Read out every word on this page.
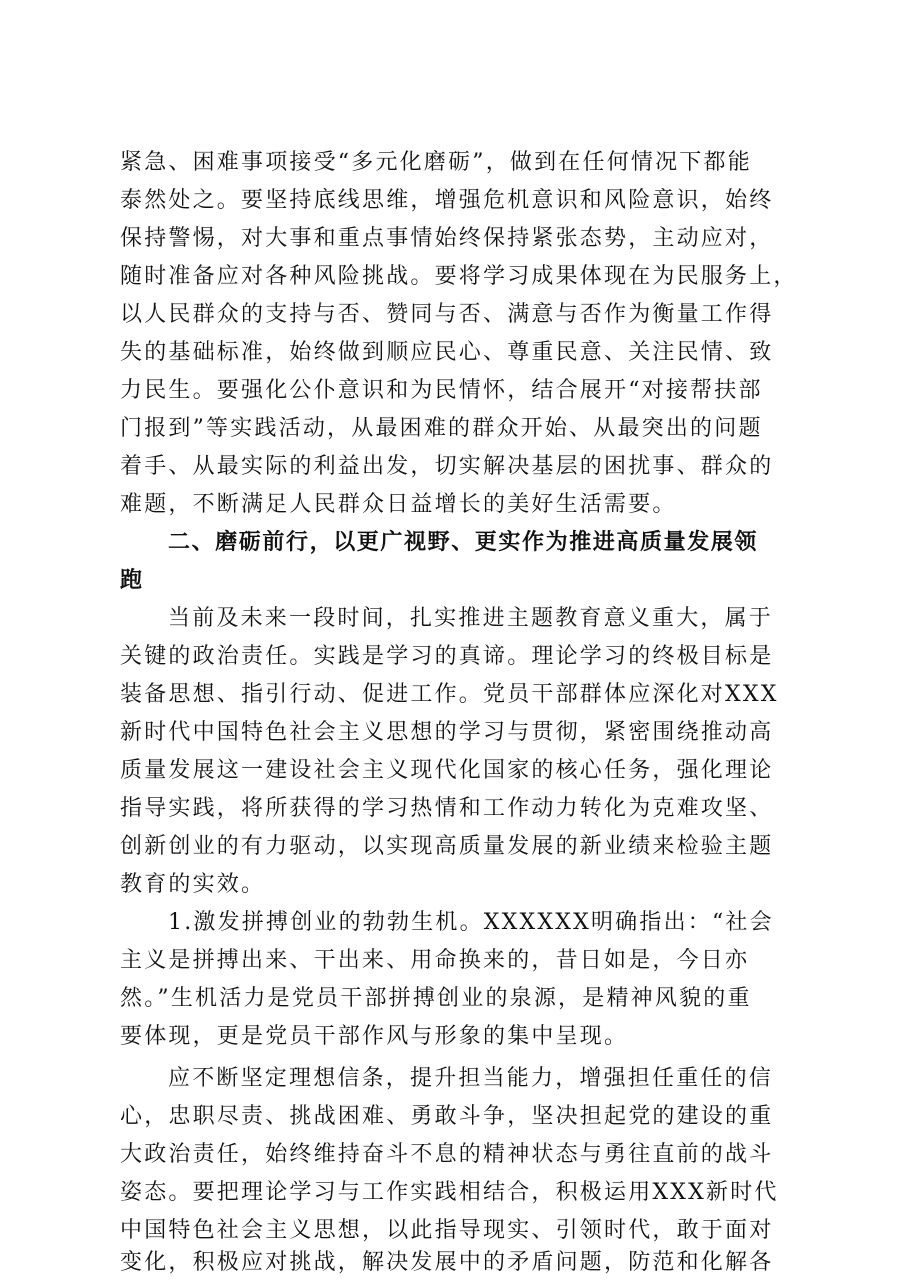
紧急、困难事项接受“多元化磨砺”，做到在任何情况下都能

泰然处之。要坚持底线思维，增强危机意识和风险意识，始终

保持警惕，对大事和重点事情始终保持紧张态势，主动应对，

随时准备应对各种风险挑战。要将学习成果体现在为民服务上，

以人民群众的支持与否、赞同与否、满意与否作为衡量工作得

失的基础标准，始终做到顺应民心、尊重民意、关注民情、致

力民生。要强化公仆意识和为民情怀，结合展开“对接帮扶部

门报到”等实践活动，从最困难的群众开始、从最突出的问题

着手、从最实际的利益出发，切实解决基层的困扰事、群众的

难题，不断满足人民群众日益增长的美好生活需要。

二、磨砺前行，以更广视野、更实作为推进高质量发展领

跑

当前及未来一段时间，扎实推进主题教育意义重大，属于

关键的政治责任。实践是学习的真谛。理论学习的终极目标是

装备思想、指引行动、促进工作。党员干部群体应深化对XXX

新时代中国特色社会主义思想的学习与贯彻，紧密围绕推动高

质量发展这一建设社会主义现代化国家的核心任务，强化理论

指导实践，将所获得的学习热情和工作动力转化为克难攻坚、

创新创业的有力驱动，以实现高质量发展的新业绩来检验主题

教育的实效。

1.激发拼搏创业的勃勃生机。XXXXXX明确指出：“社会

主义是拼搏出来、干出来、用命换来的，昔日如是，今日亦

然。”生机活力是党员干部拼搏创业的泉源，是精神风貌的重

要体现，更是党员干部作风与形象的集中呈现。

应不断坚定理想信条，提升担当能力，增强担任重任的信

心，忠职尽责、挑战困难、勇敢斗争，坚决担起党的建设的重

大政治责任，始终维持奋斗不息的精神状态与勇往直前的战斗

姿态。要把理论学习与工作实践相结合，积极运用XXX新时代

中国特色社会主义思想，以此指导现实、引领时代，敢于面对

变化，积极应对挑战，解决发展中的矛盾问题，防范和化解各
